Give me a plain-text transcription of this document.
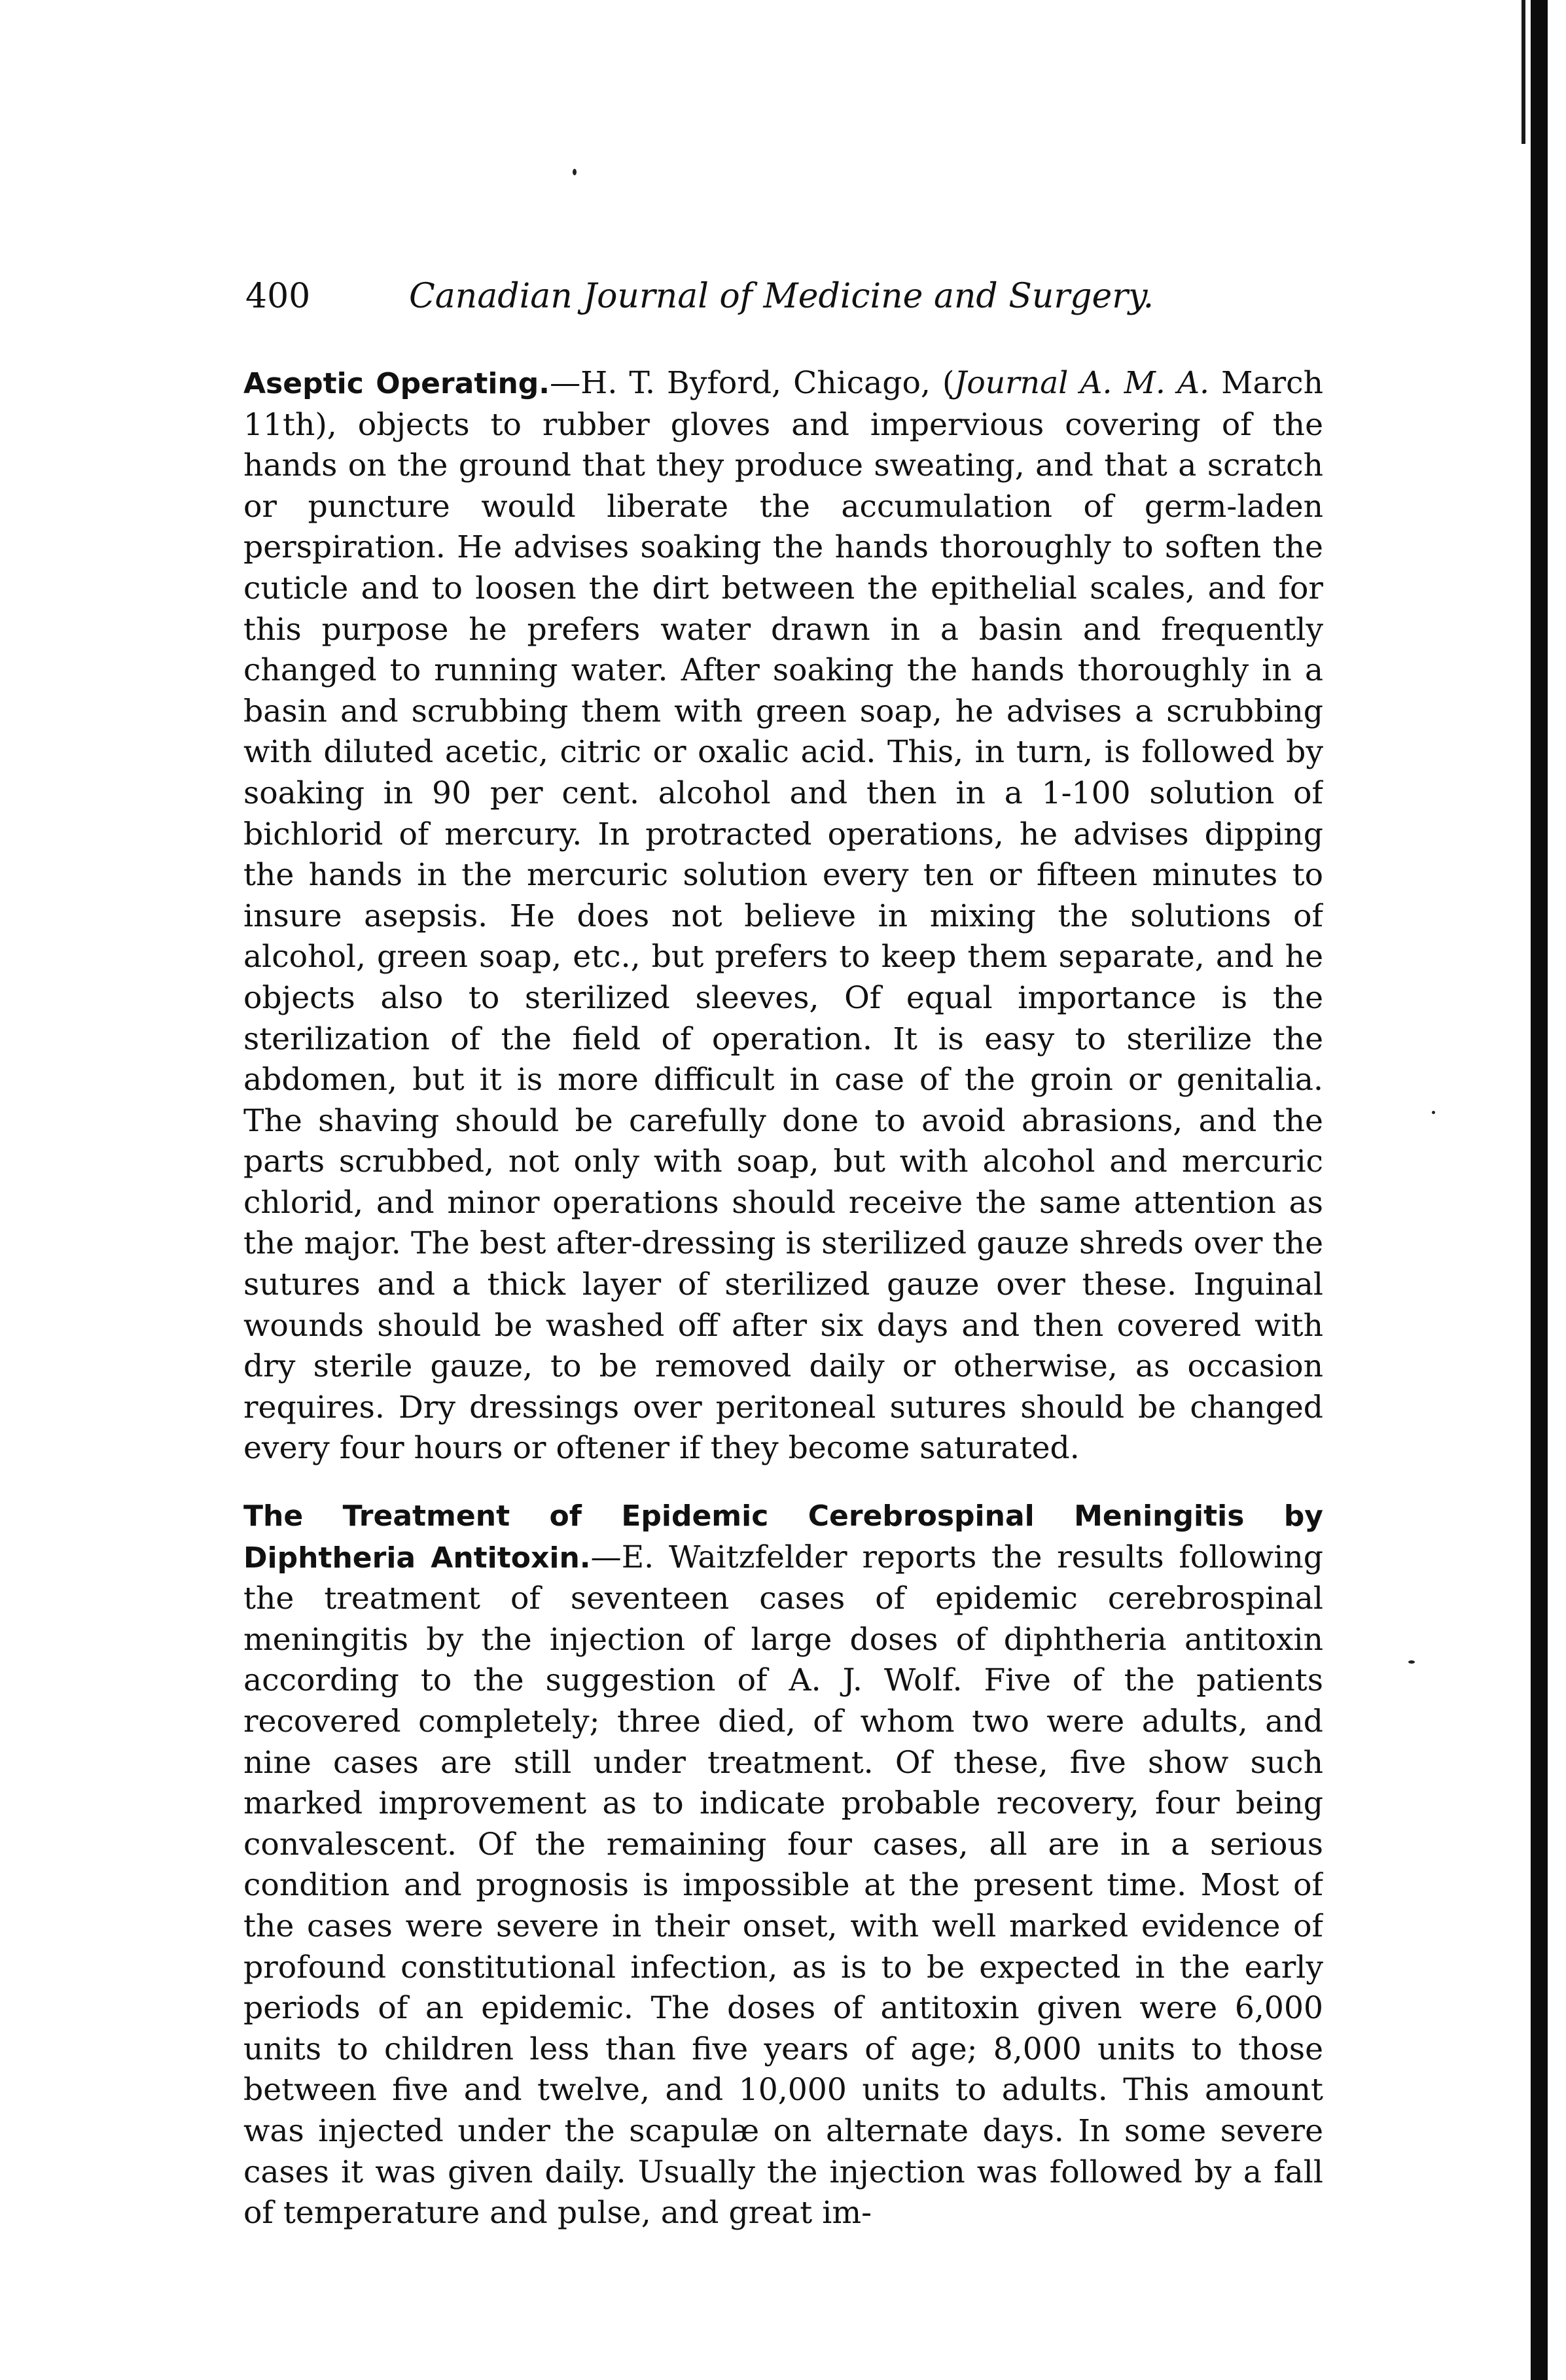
400	Canadian Journal of Medicine and Surgery.

Aseptic Operating.—H. T. Byford, Chicago, (Journal A. M. A. March 11th), objects to rubber gloves and impervious covering of the hands on the ground that they produce sweating, and that a scratch or puncture would liberate the accumulation of germ-laden perspiration. He advises soaking the hands thoroughly to soften the cuticle and to loosen the dirt between the epithelial scales, and for this purpose he prefers water drawn in a basin and frequently changed to running water. After soaking the hands thoroughly in a basin and scrubbing them with green soap, he advises a scrubbing with diluted acetic, citric or oxalic acid. This, in turn, is followed by soaking in 90 per cent. alcohol and then in a 1-100 solution of bichlorid of mercury. In protracted operations, he advises dipping the hands in the mercuric solution every ten or fifteen minutes to insure asepsis. He does not believe in mixing the solutions of alcohol, green soap, etc., but prefers to keep them separate, and he objects also to sterilized sleeves, Of equal importance is the sterilization of the field of operation. It is easy to sterilize the abdomen, but it is more difficult in case of the groin or genitalia. The shaving should be carefully done to avoid abrasions, and the parts scrubbed, not only with soap, but with alcohol and mercuric chlorid, and minor operations should receive the same attention as the major. The best after-dressing is sterilized gauze shreds over the sutures and a thick layer of sterilized gauze over these. Inguinal wounds should be washed off after six days and then covered with dry sterile gauze, to be removed daily or otherwise, as occasion requires. Dry dressings over peritoneal sutures should be changed every four hours or oftener if they become saturated.

The Treatment of Epidemic Cerebrospinal Meningitis by Diphtheria Antitoxin.—E. Waitzfelder reports the results following the treatment of seventeen cases of epidemic cerebrospinal meningitis by the injection of large doses of diphtheria antitoxin according to the suggestion of A. J. Wolf. Five of the patients recovered completely; three died, of whom two were adults, and nine cases are still under treatment. Of these, five show such marked improvement as to indicate probable recovery, four being convalescent. Of the remaining four cases, all are in a serious condition and prognosis is impossible at the present time. Most of the cases were severe in their onset, with well marked evidence of profound constitutional infection, as is to be expected in the early periods of an epidemic. The doses of antitoxin given were 6,000 units to children less than five years of age; 8,000 units to those between five and twelve, and 10,000 units to adults. This amount was injected under the scapulæ on alternate days. In some severe cases it was given daily. Usually the injection was followed by a fall of temperature and pulse, and great im-
